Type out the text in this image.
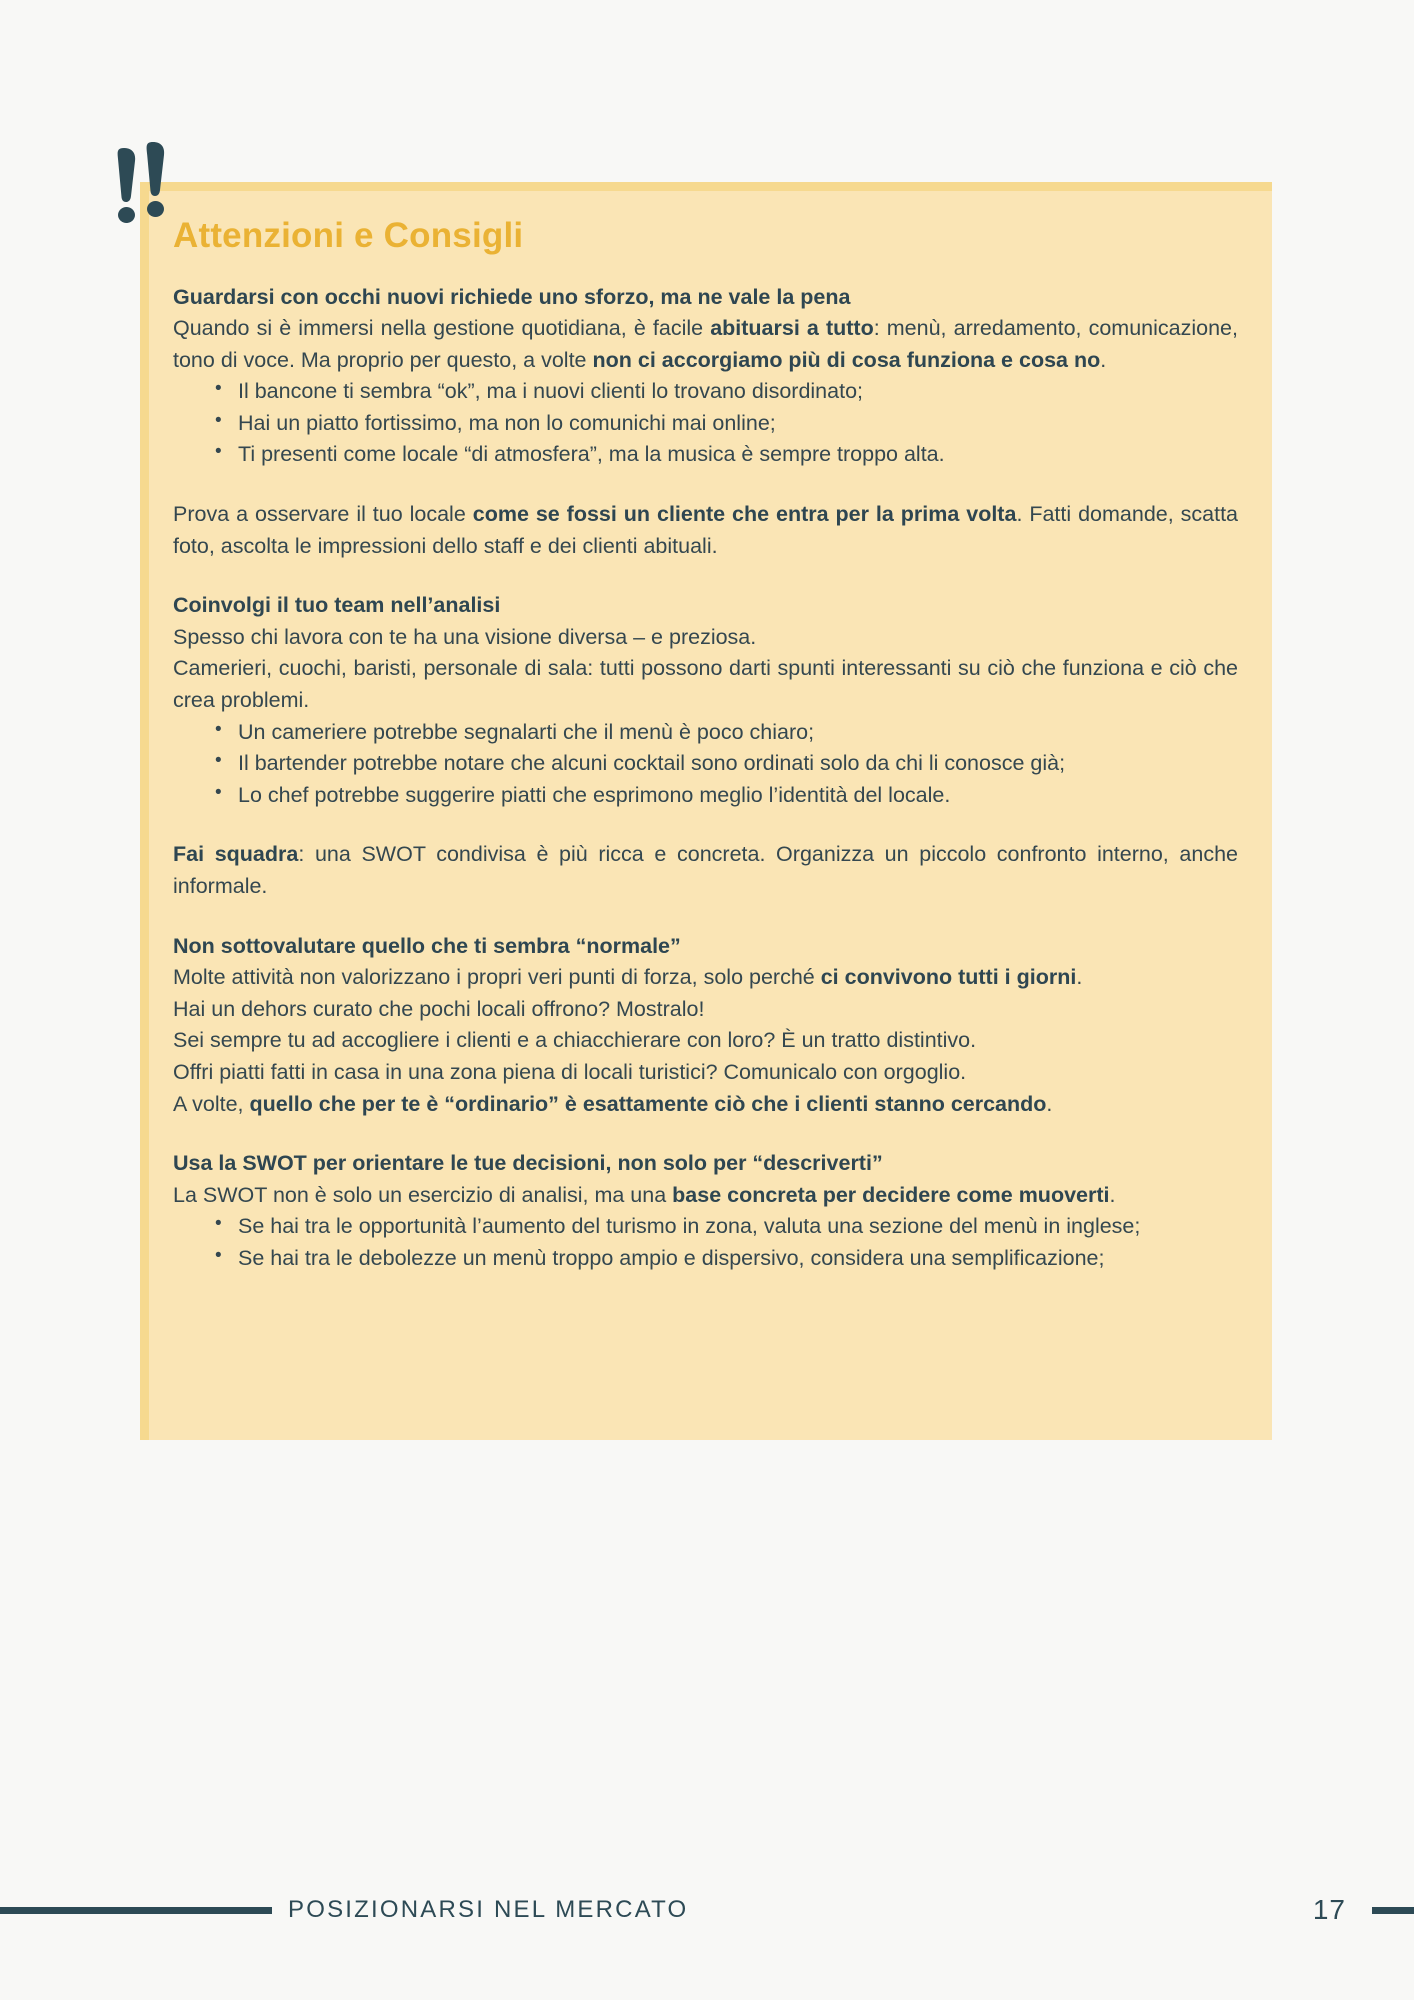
Attenzioni e Consigli
Guardarsi con occhi nuovi richiede uno sforzo, ma ne vale la pena

Quando si è immersi nella gestione quotidiana, è facile abituarsi a tutto: menù, arredamento, comunicazione, tono di voce. Ma proprio per questo, a volte non ci accorgiamo più di cosa funziona e cosa no.

• Il bancone ti sembra “ok”, ma i nuovi clienti lo trovano disordinato;
• Hai un piatto fortissimo, ma non lo comunichi mai online;
• Ti presenti come locale “di atmosfera”, ma la musica è sempre troppo alta.

Prova a osservare il tuo locale come se fossi un cliente che entra per la prima volta. Fatti domande, scatta foto, ascolta le impressioni dello staff e dei clienti abituali.

Coinvolgi il tuo team nell’analisi

Spesso chi lavora con te ha una visione diversa – e preziosa.

Camerieri, cuochi, baristi, personale di sala: tutti possono darti spunti interessanti su ciò che funziona e ciò che crea problemi.

• Un cameriere potrebbe segnalarti che il menù è poco chiaro;
• Il bartender potrebbe notare che alcuni cocktail sono ordinati solo da chi li conosce già;
• Lo chef potrebbe suggerire piatti che esprimono meglio l’identità del locale.

Fai squadra: una SWOT condivisa è più ricca e concreta. Organizza un piccolo confronto interno, anche informale.

Non sottovalutare quello che ti sembra “normale”

Molte attività non valorizzano i propri veri punti di forza, solo perché ci convivono tutti i giorni.

Hai un dehors curato che pochi locali offrono? Mostralo!

Sei sempre tu ad accogliere i clienti e a chiacchierare con loro? È un tratto distintivo.

Offri piatti fatti in casa in una zona piena di locali turistici? Comunicalo con orgoglio.

A volte, quello che per te è “ordinario” è esattamente ciò che i clienti stanno cercando.

Usa la SWOT per orientare le tue decisioni, non solo per “descriverti”

La SWOT non è solo un esercizio di analisi, ma una base concreta per decidere come muoverti.

• Se hai tra le opportunità l’aumento del turismo in zona, valuta una sezione del menù in inglese;
• Se hai tra le debolezze un menù troppo ampio e dispersivo, considera una semplificazione;
POSIZIONARSI NEL MERCATO	17
